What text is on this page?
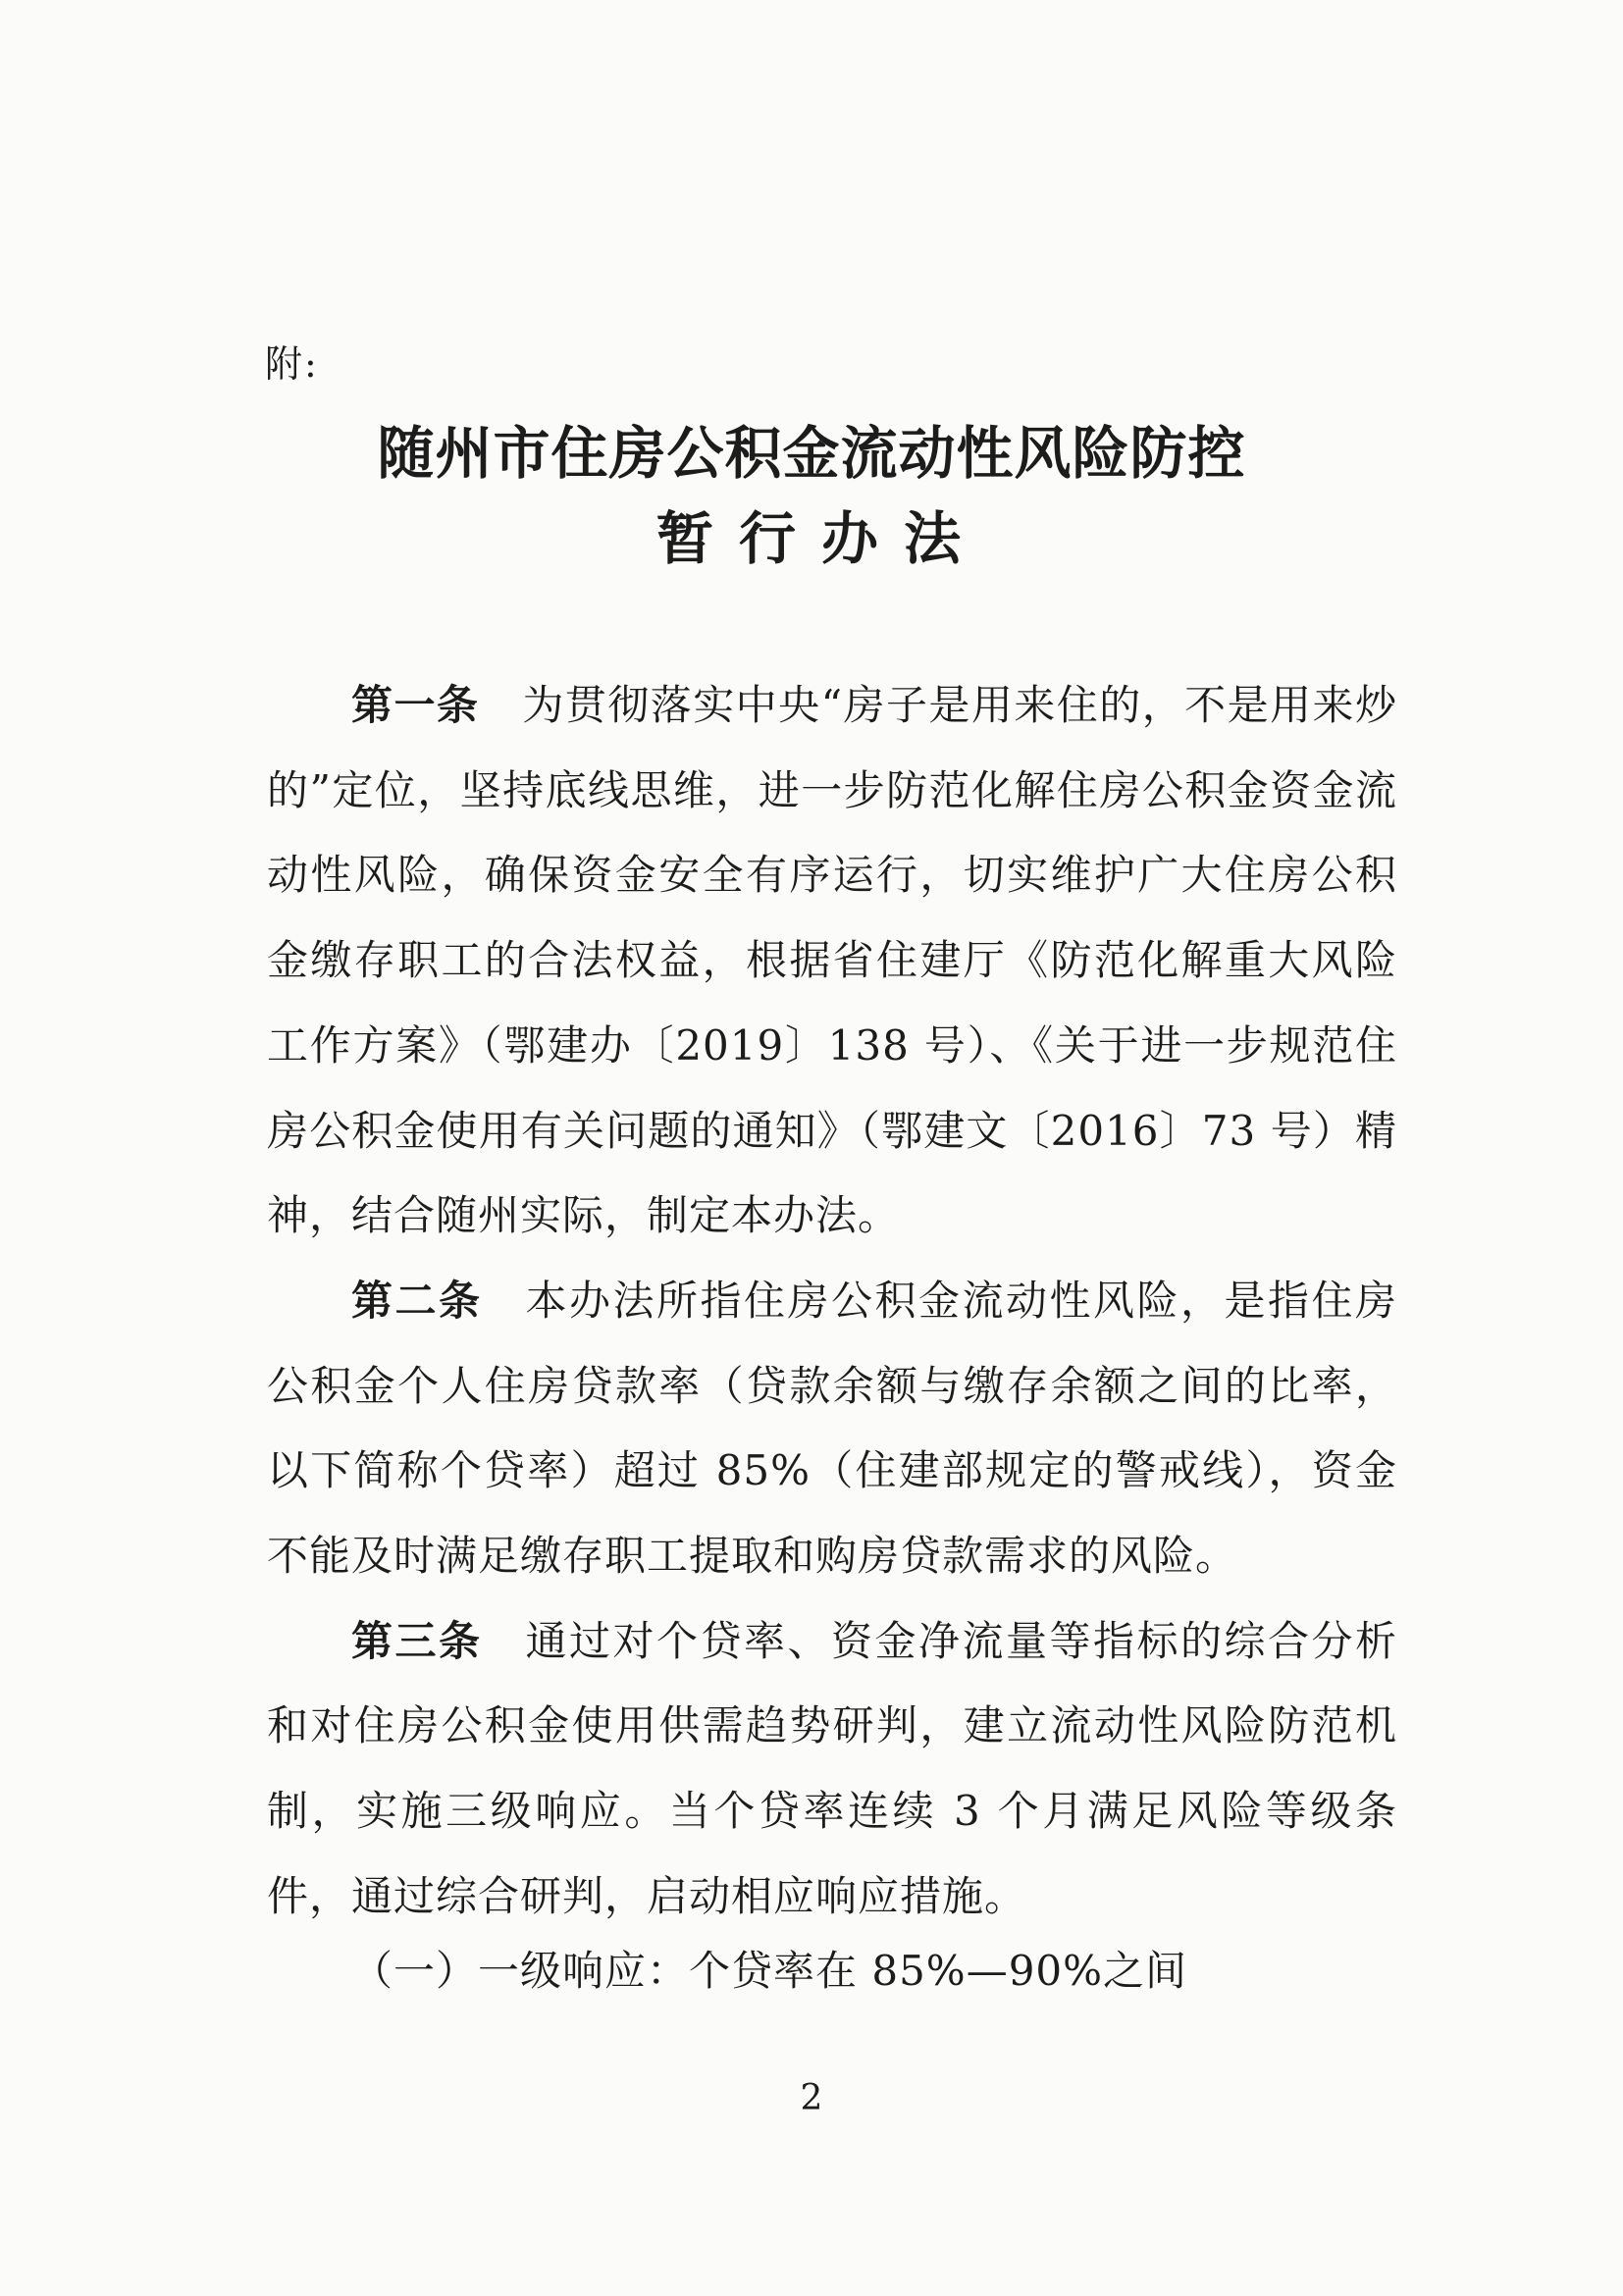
附:
随州市住房公积金流动性风险防控
暂行办法

第一条 为贯彻落实中央“房子是用来住的，不是用来炒的”定位，坚持底线思维，进一步防范化解住房公积金资金流动性风险，确保资金安全有序运行，切实维护广大住房公积金缴存职工的合法权益，根据省住建厅《防范化解重大风险工作方案》（鄂建办〔2019〕138 号）、《关于进一步规范住房公积金使用有关问题的通知》（鄂建文〔2016〕73 号）精神，结合随州实际，制定本办法。

第二条 本办法所指住房公积金流动性风险，是指住房公积金个人住房贷款率（贷款余额与缴存余额之间的比率，以下简称个贷率）超过 85%（住建部规定的警戒线），资金不能及时满足缴存职工提取和购房贷款需求的风险。

第三条 通过对个贷率、资金净流量等指标的综合分析和对住房公积金使用供需趋势研判，建立流动性风险防范机制，实施三级响应。当个贷率连续 3 个月满足风险等级条件，通过综合研判，启动相应响应措施。

（一）一级响应：个贷率在 85%—90%之间
2
